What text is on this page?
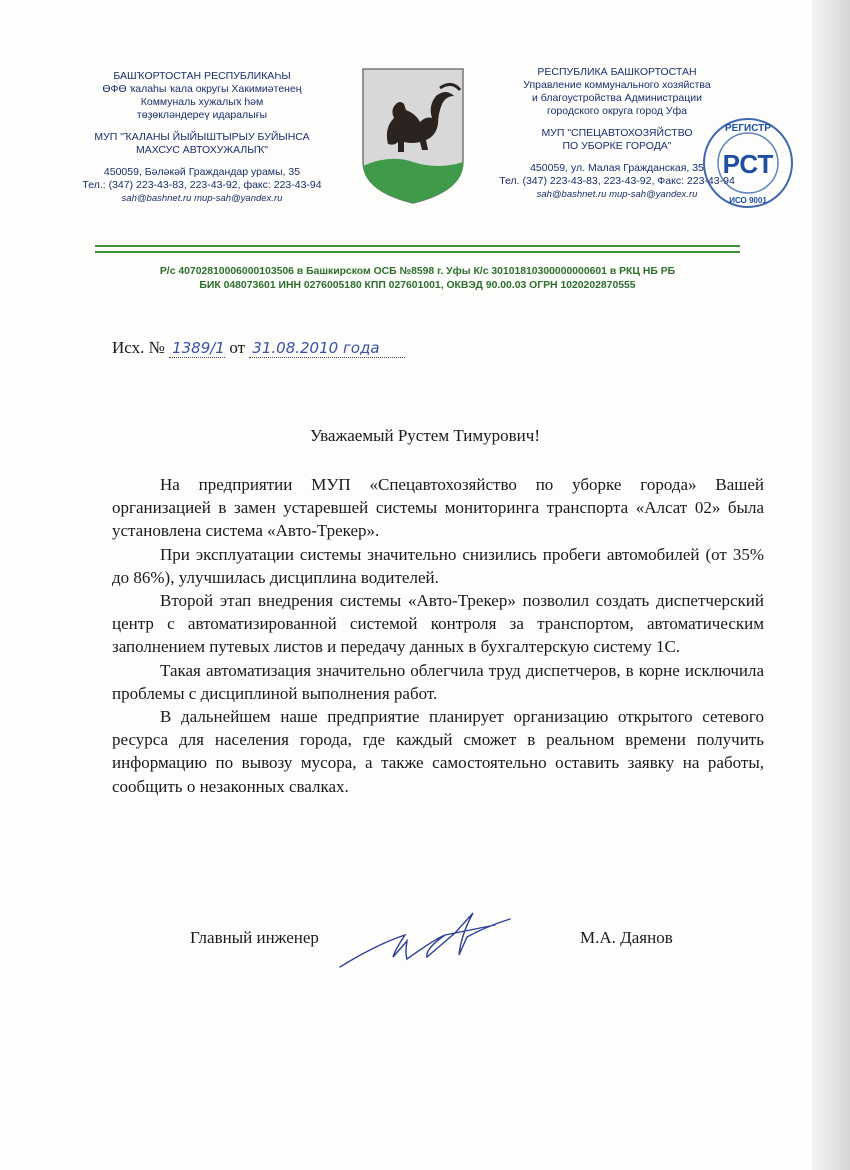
БАШҠОРТОСТАН РЕСПУБЛИКАҺЫ
ӨФӨ ҡалаһы ҡала округы Хакимиәтенең
Коммуналь хужалыҡ һәм
төҙөкләндереү идаралығы
МУП "ҠАЛАНЫ ЙЫЙЫШТЫРЫУ БУЙЫНСА
МАХСУС АВТОХУЖАЛЫҠ"
450059, Бәләкәй Граждандар урамы, 35
Тел.: (347) 223-43-83, 223-43-92, факс: 223-43-94
sah@bashnet.ru mup-sah@yandex.ru
РЕСПУБЛИКА БАШКОРТОСТАН
Управление коммунального хозяйства
и благоустройства Администрации
городского округа город Уфа
МУП "СПЕЦАВТОХОЗЯЙСТВО
ПО УБОРКЕ ГОРОДА"
450059, ул. Малая Гражданская, 35
Тел. (347) 223-43-83, 223-43-92, Факс: 223-43-94
sah@bashnet.ru mup-sah@yandex.ru
РЕГИСТР
РСТ
ИСО 9001
Р/с 40702810006000103506 в Башкирском ОСБ №8598 г. Уфы К/с 30101810300000000601 в РКЦ НБ РБ
БИК 048073601 ИНН 0276005180 КПП 027601001, ОКВЭД 90.00.03 ОГРН 1020202870555
Исх. № 1389/1 от 31.08.2010 года
Уважаемый Рустем Тимурович!

На предприятии МУП «Спецавтохозяйство по уборке города» Вашей организацией в замен устаревшей системы мониторинга транспорта «Алсат 02» была установлена система «Авто-Трекер».

При эксплуатации системы значительно снизились пробеги автомобилей (от 35% до 86%), улучшилась дисциплина водителей.

Второй этап внедрения системы «Авто-Трекер» позволил создать диспетчерский центр с автоматизированной системой контроля за транспортом, автоматическим заполнением путевых листов и передачу данных в бухгалтерскую систему 1С.

Такая автоматизация значительно облегчила труд диспетчеров, в корне исключила проблемы с дисциплиной выполнения работ.

В дальнейшем наше предприятие планирует организацию открытого сетевого ресурса для населения города, где каждый сможет в реальном времени получить информацию по вывозу мусора, а также самостоятельно оставить заявку на работы, сообщить о незаконных свалках.

Главный инженер	М.А. Даянов
